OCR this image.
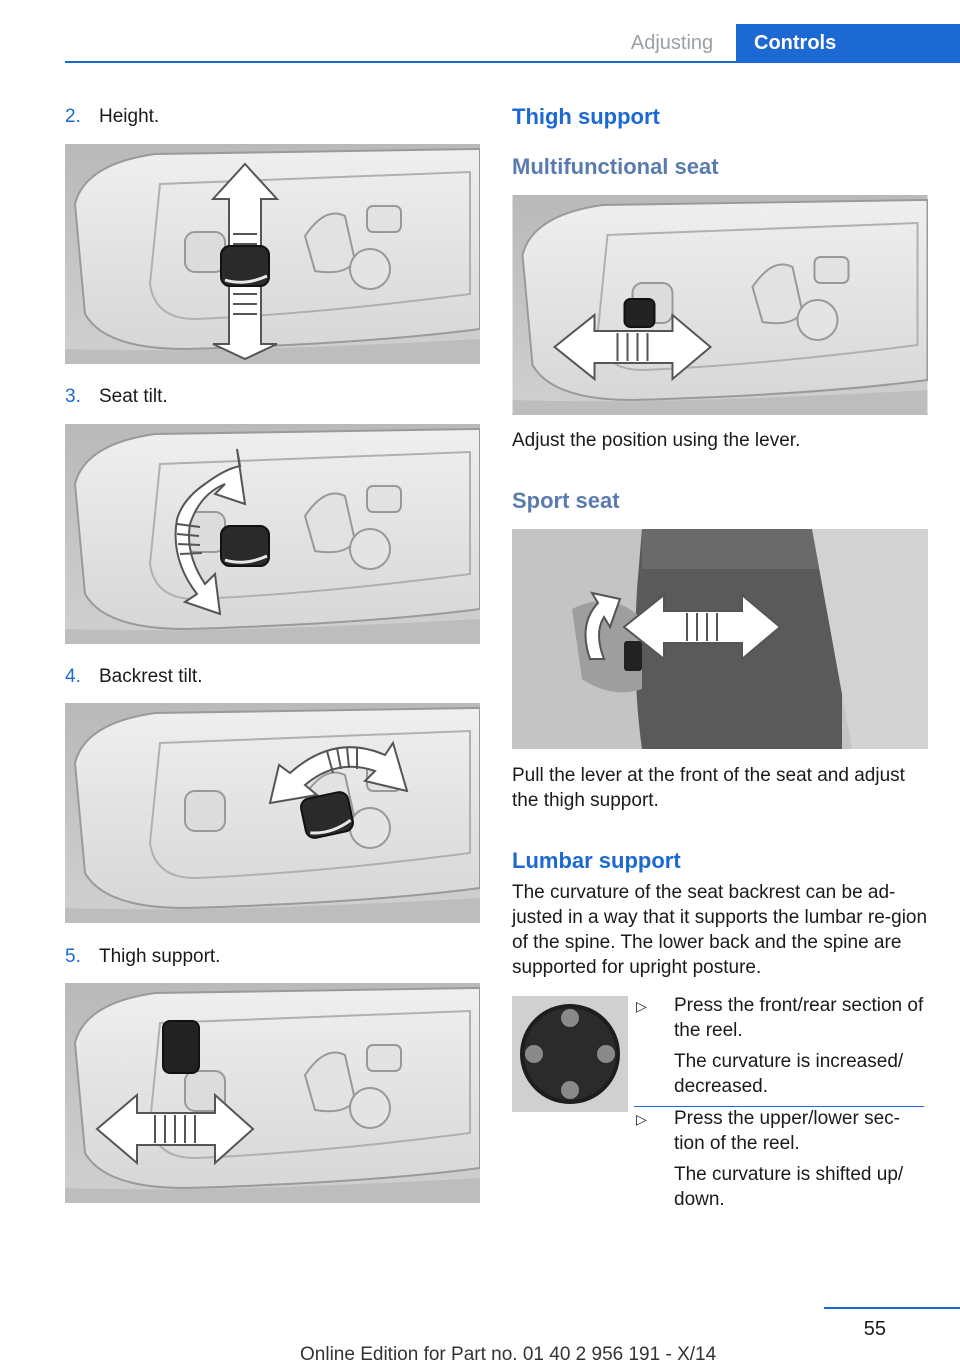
Adjusting	Controls
2. Height.
3. Seat tilt.
4. Backrest tilt.
5. Thigh support.
Thigh support
Multifunctional seat
Adjust the position using the lever.
Sport seat
Pull the lever at the front of the seat and adjust the thigh support.
Lumbar support
The curvature of the seat backrest can be ad-justed in a way that it supports the lumbar re-gion of the spine. The lower back and the spine are supported for upright posture.
▷ Press the front/rear section of the reel.
The curvature is increased/ decreased.
▷ Press the upper/lower sec-tion of the reel.
The curvature is shifted up/ down.
55
Online Edition for Part no. 01 40 2 956 191 - X/14
